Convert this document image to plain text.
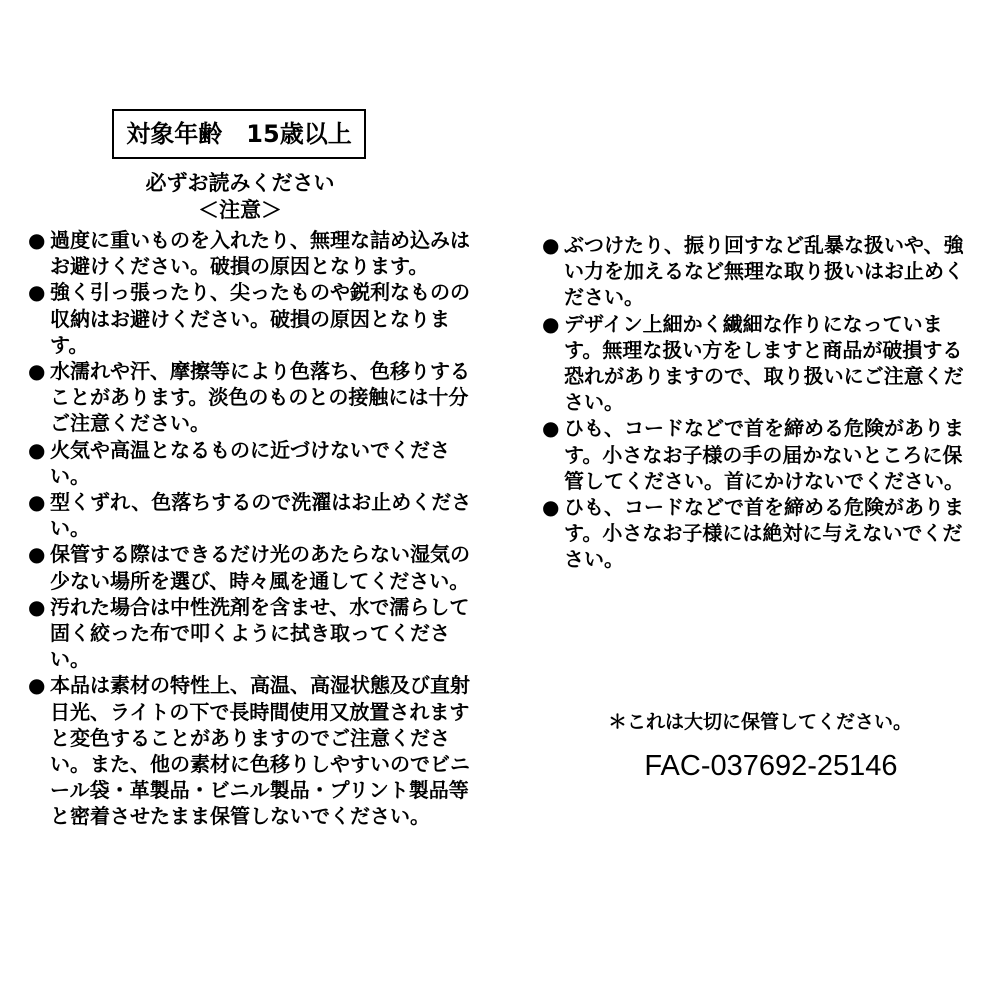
対象年齢　15歳以上
必ずお読みください
＜注意＞
● 過度に重いものを入れたり、無理な詰め込みはお避けください。破損の原因となります。
● 強く引っ張ったり、尖ったものや鋭利なものの収納はお避けください。破損の原因となります。
● 水濡れや汗、摩擦等により色落ち、色移りすることがあります。淡色のものとの接触には十分ご注意ください。
● 火気や高温となるものに近づけないでください。
● 型くずれ、色落ちするので洗濯はお止めください。
● 保管する際はできるだけ光のあたらない湿気の少ない場所を選び、時々風を通してください。
● 汚れた場合は中性洗剤を含ませ、水で濡らして固く絞った布で叩くように拭き取ってください。
● 本品は素材の特性上、高温、高湿状態及び直射日光、ライトの下で長時間使用又放置されますと変色することがありますのでご注意ください。また、他の素材に色移りしやすいのでビニール袋・革製品・ビニル製品・プリント製品等と密着させたまま保管しないでください。
● ぶつけたり、振り回すなど乱暴な扱いや、強い力を加えるなど無理な取り扱いはお止めください。
● デザイン上細かく繊細な作りになっています。無理な扱い方をしますと商品が破損する恐れがありますので、取り扱いにご注意ください。
● ひも、コードなどで首を締める危険があります。小さなお子様の手の届かないところに保管してください。首にかけないでください。
● ひも、コードなどで首を締める危険があります。小さなお子様には絶対に与えないでください。
＊これは大切に保管してください。
FAC-037692-25146
